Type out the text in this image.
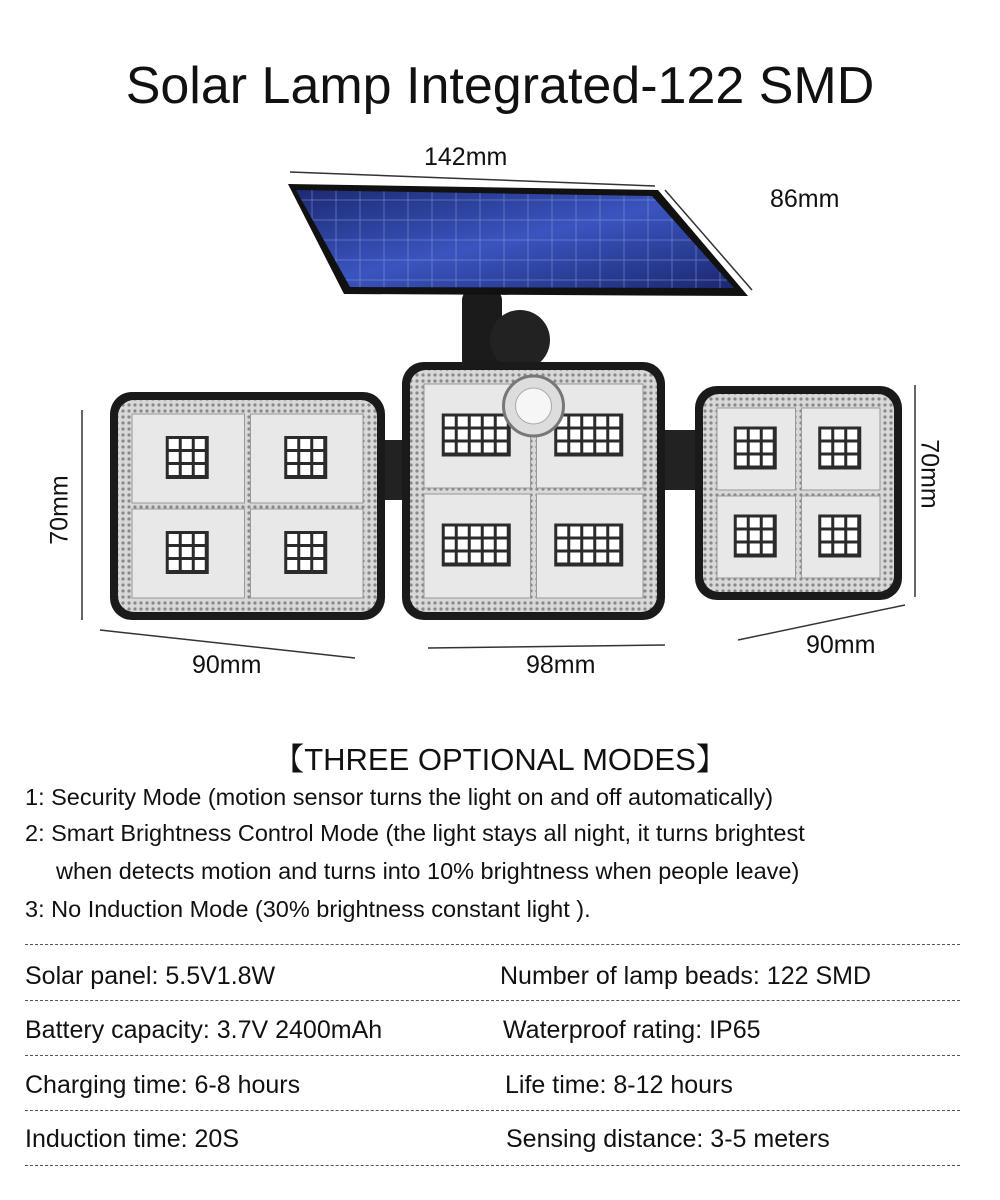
Solar Lamp Integrated-122 SMD
142mm
86mm
70mm
70mm
90mm	98mm
90mm
【THREE OPTIONAL MODES】
1: Security Mode (motion sensor turns the light on and off automatically)
2: Smart Brightness Control Mode (the light stays all night, it turns brightest
when detects motion and turns into 10% brightness when people leave)
3: No Induction Mode (30% brightness constant light ).
Solar panel: 5.5V1.8W	Number of lamp beads: 122 SMD
Battery capacity: 3.7V 2400mAh	Waterproof rating: IP65
Charging time: 6-8 hours	Life time: 8-12 hours
Induction time: 20S	Sensing distance: 3-5 meters
